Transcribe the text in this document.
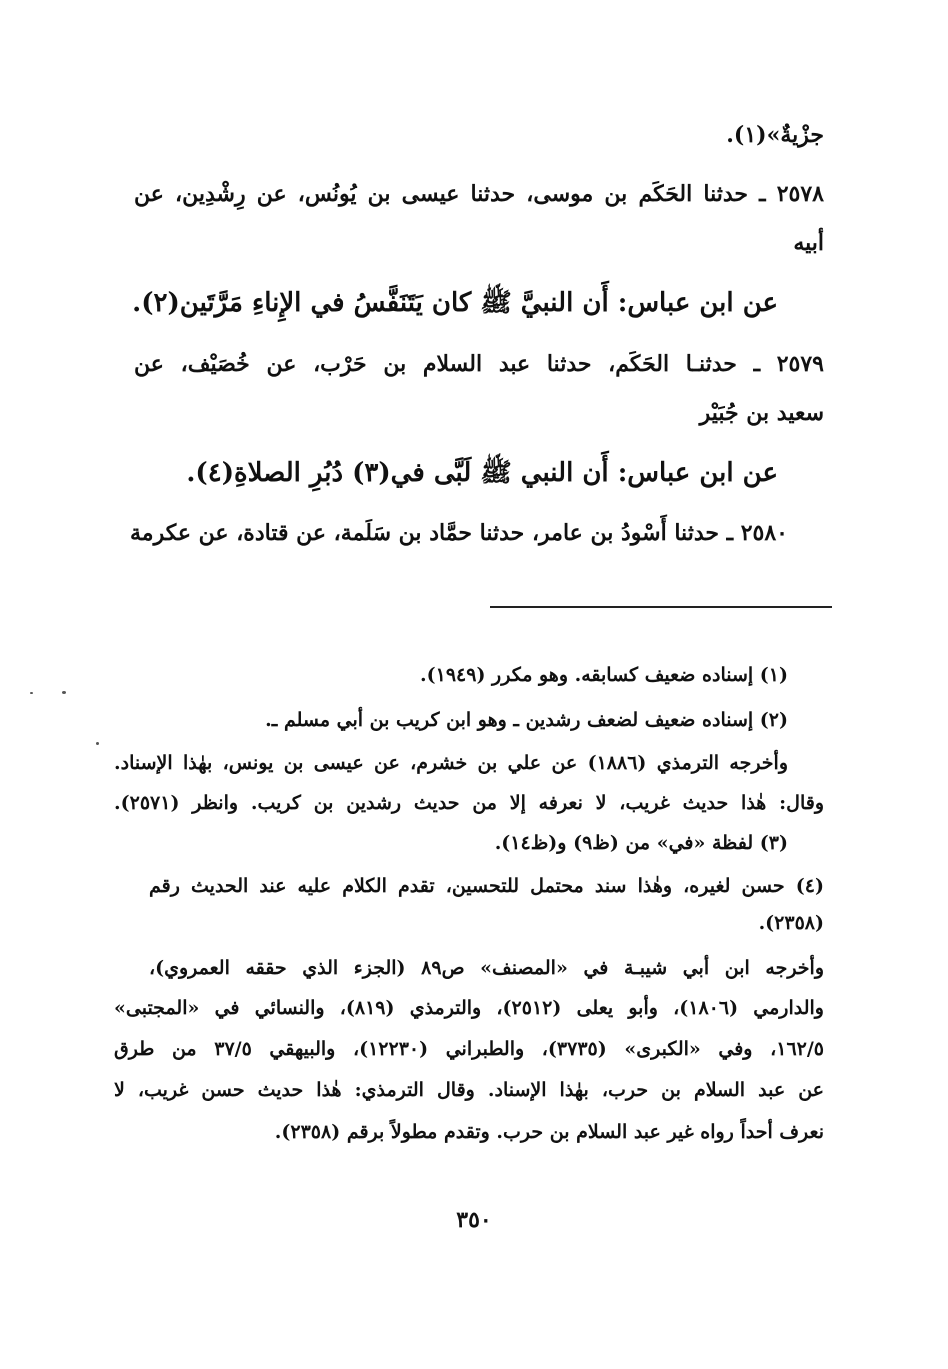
جزْيةٌ»(١).
٢٥٧٨ ـ حدثنا الحَكَم بن موسى، حدثنا عيسى بن يُونُس، عن رِشْدِين، عن
أبيه
عن ابن عباس: أَن النبيَّ ﷺ كان يَتَنَفَّسُ في الإِناءِ مَرَّتَين(٢).
٢٥٧٩ ـ حدثنـا الحَكَم، حدثنا عبد السلام بن حَرْب، عن خُصَيْف، عن
سعيد بن جُبَيْر
عن ابن عباس: أَن النبي ﷺ لَبَّى في(٣) دُبُرِ الصلاةِ(٤).
٢٥٨٠ ـ حدثنا أَسْودُ بن عامر، حدثنا حمَّاد بن سَلَمة، عن قتادة، عن عكرمة
(١) إسناده ضعيف كسابقه. وهو مكرر (١٩٤٩).
(٢) إسناده ضعيف لضعف رشدين ـ وهو ابن كريب بن أبي مسلم ـ.
وأخرجه الترمذي (١٨٨٦) عن علي بن خشرم، عن عيسى بن يونس، بهٰذا الإسناد.
وقال: هٰذا حديث غريب، لا نعرفه إلا من حديث رشدين بن كريب. وانظر (٢٥٧١).
(٣) لفظة «في» من (ظ٩) و(ظ١٤).
(٤) حسن لغيره، وهٰذا سند محتمل للتحسين، تقدم الكلام عليه عند الحديث رقم
(٢٣٥٨).
وأخرجه ابن أبي شيبـة في «المصنف» ص٨٩ (الجزء الذي حققه العمروي)،
والدارمي (١٨٠٦)، وأبو يعلى (٢٥١٢)، والترمذي (٨١٩)، والنسائي في «المجتبى»
١٦٢/٥، وفي «الكبرى» (٣٧٣٥)، والطبراني (١٢٢٣٠)، والبيهقي ٣٧/٥ من طرق
عن عبد السلام بن حرب، بهٰذا الإسناد. وقال الترمذي: هٰذا حديث حسن غريب، لا
نعرف أحداً رواه غير عبد السلام بن حرب. وتقدم مطولاً برقم (٢٣٥٨).
٣٥٠
